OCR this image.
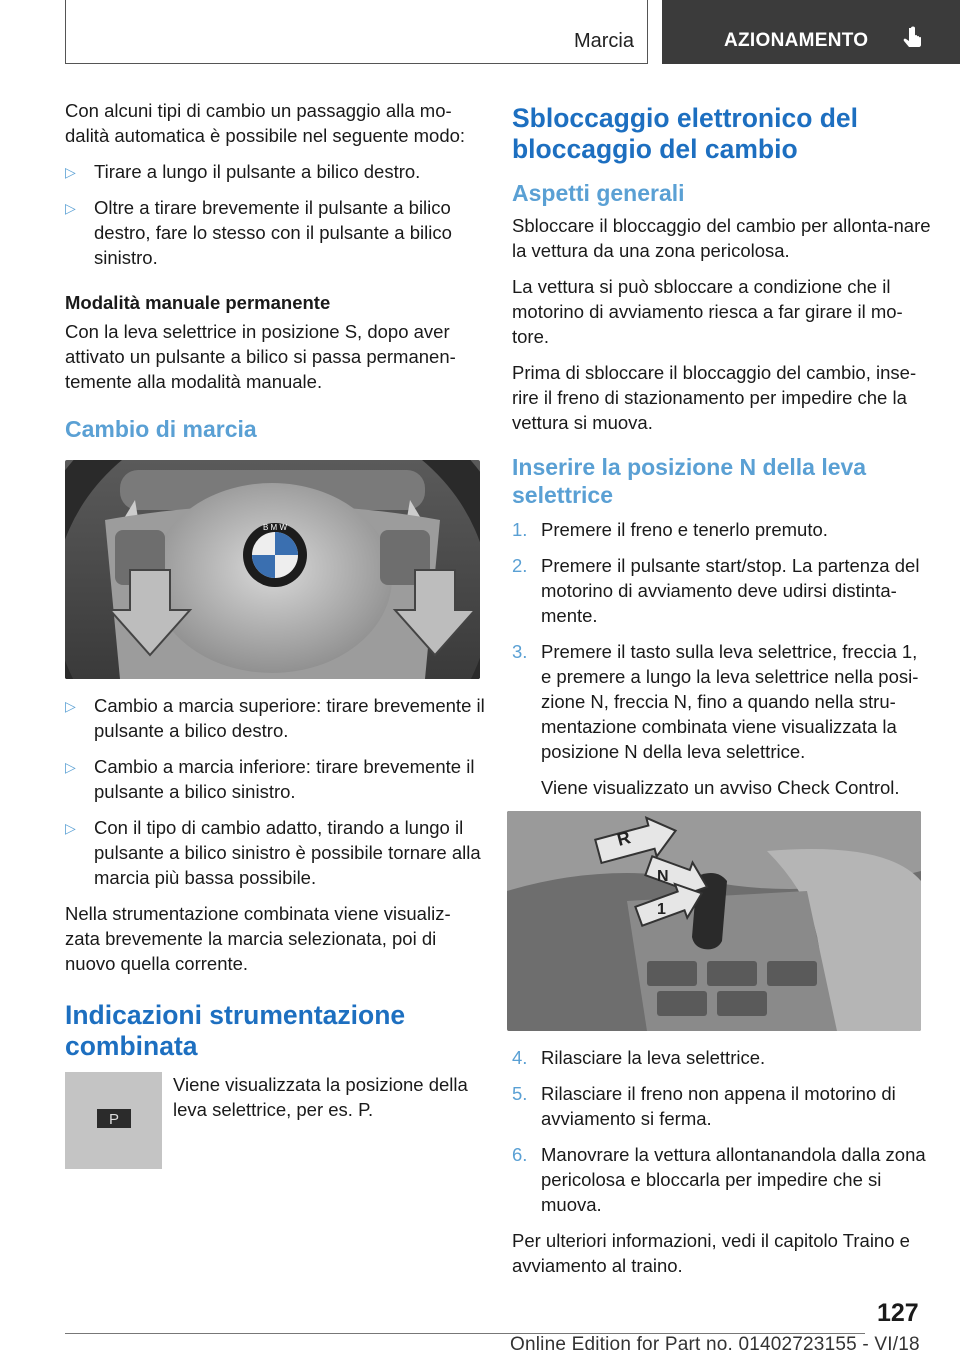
Marcia	AZIONAMENTO

Con alcuni tipi di cambio un passaggio alla mo-dalità automatica è possibile nel seguente modo:

▷ Tirare a lungo il pulsante a bilico destro.
▷ Oltre a tirare brevemente il pulsante a bilico destro, fare lo stesso con il pulsante a bilico sinistro.
Modalità manuale permanente

Con la leva selettrice in posizione S, dopo aver attivato un pulsante a bilico si passa permanen-temente alla modalità manuale.

Cambio di marcia
B M W
▷ Cambio a marcia superiore: tirare brevemente il pulsante a bilico destro.
▷ Cambio a marcia inferiore: tirare brevemente il pulsante a bilico sinistro.
▷ Con il tipo di cambio adatto, tirando a lungo il pulsante a bilico sinistro è possibile tornare alla marcia più bassa possibile.

Nella strumentazione combinata viene visualiz-zata brevemente la marcia selezionata, poi di nuovo quella corrente.

Indicazioni strumentazione combinata
P
Viene visualizzata la posizione della leva selettrice, per es. P.
Sbloccaggio elettronico del bloccaggio del cambio
Aspetti generali

Sbloccare il bloccaggio del cambio per allonta-nare la vettura da una zona pericolosa.

La vettura si può sbloccare a condizione che il motorino di avviamento riesca a far girare il mo-tore.

Prima di sbloccare il bloccaggio del cambio, inse-rire il freno di stazionamento per impedire che la vettura si muova.

Inserire la posizione N della leva selettrice
1. Premere il freno e tenerlo premuto.
2. Premere il pulsante start/stop. La partenza del motorino di avviamento deve udirsi distinta-mente.
3. Premere il tasto sulla leva selettrice, freccia 1, e premere a lungo la leva selettrice nella posi-zione N, freccia N, fino a quando nella stru-mentazione combinata viene visualizzata la posizione N della leva selettrice.
Viene visualizzato un avviso Check Control.
R
N
1
4. Rilasciare la leva selettrice.
5. Rilasciare il freno non appena il motorino di avviamento si ferma.
6. Manovrare la vettura allontanandola dalla zona pericolosa e bloccarla per impedire che si muova.

Per ulteriori informazioni, vedi il capitolo Traino e avviamento al traino.

127
Online Edition for Part no. 01402723155 - VI/18
